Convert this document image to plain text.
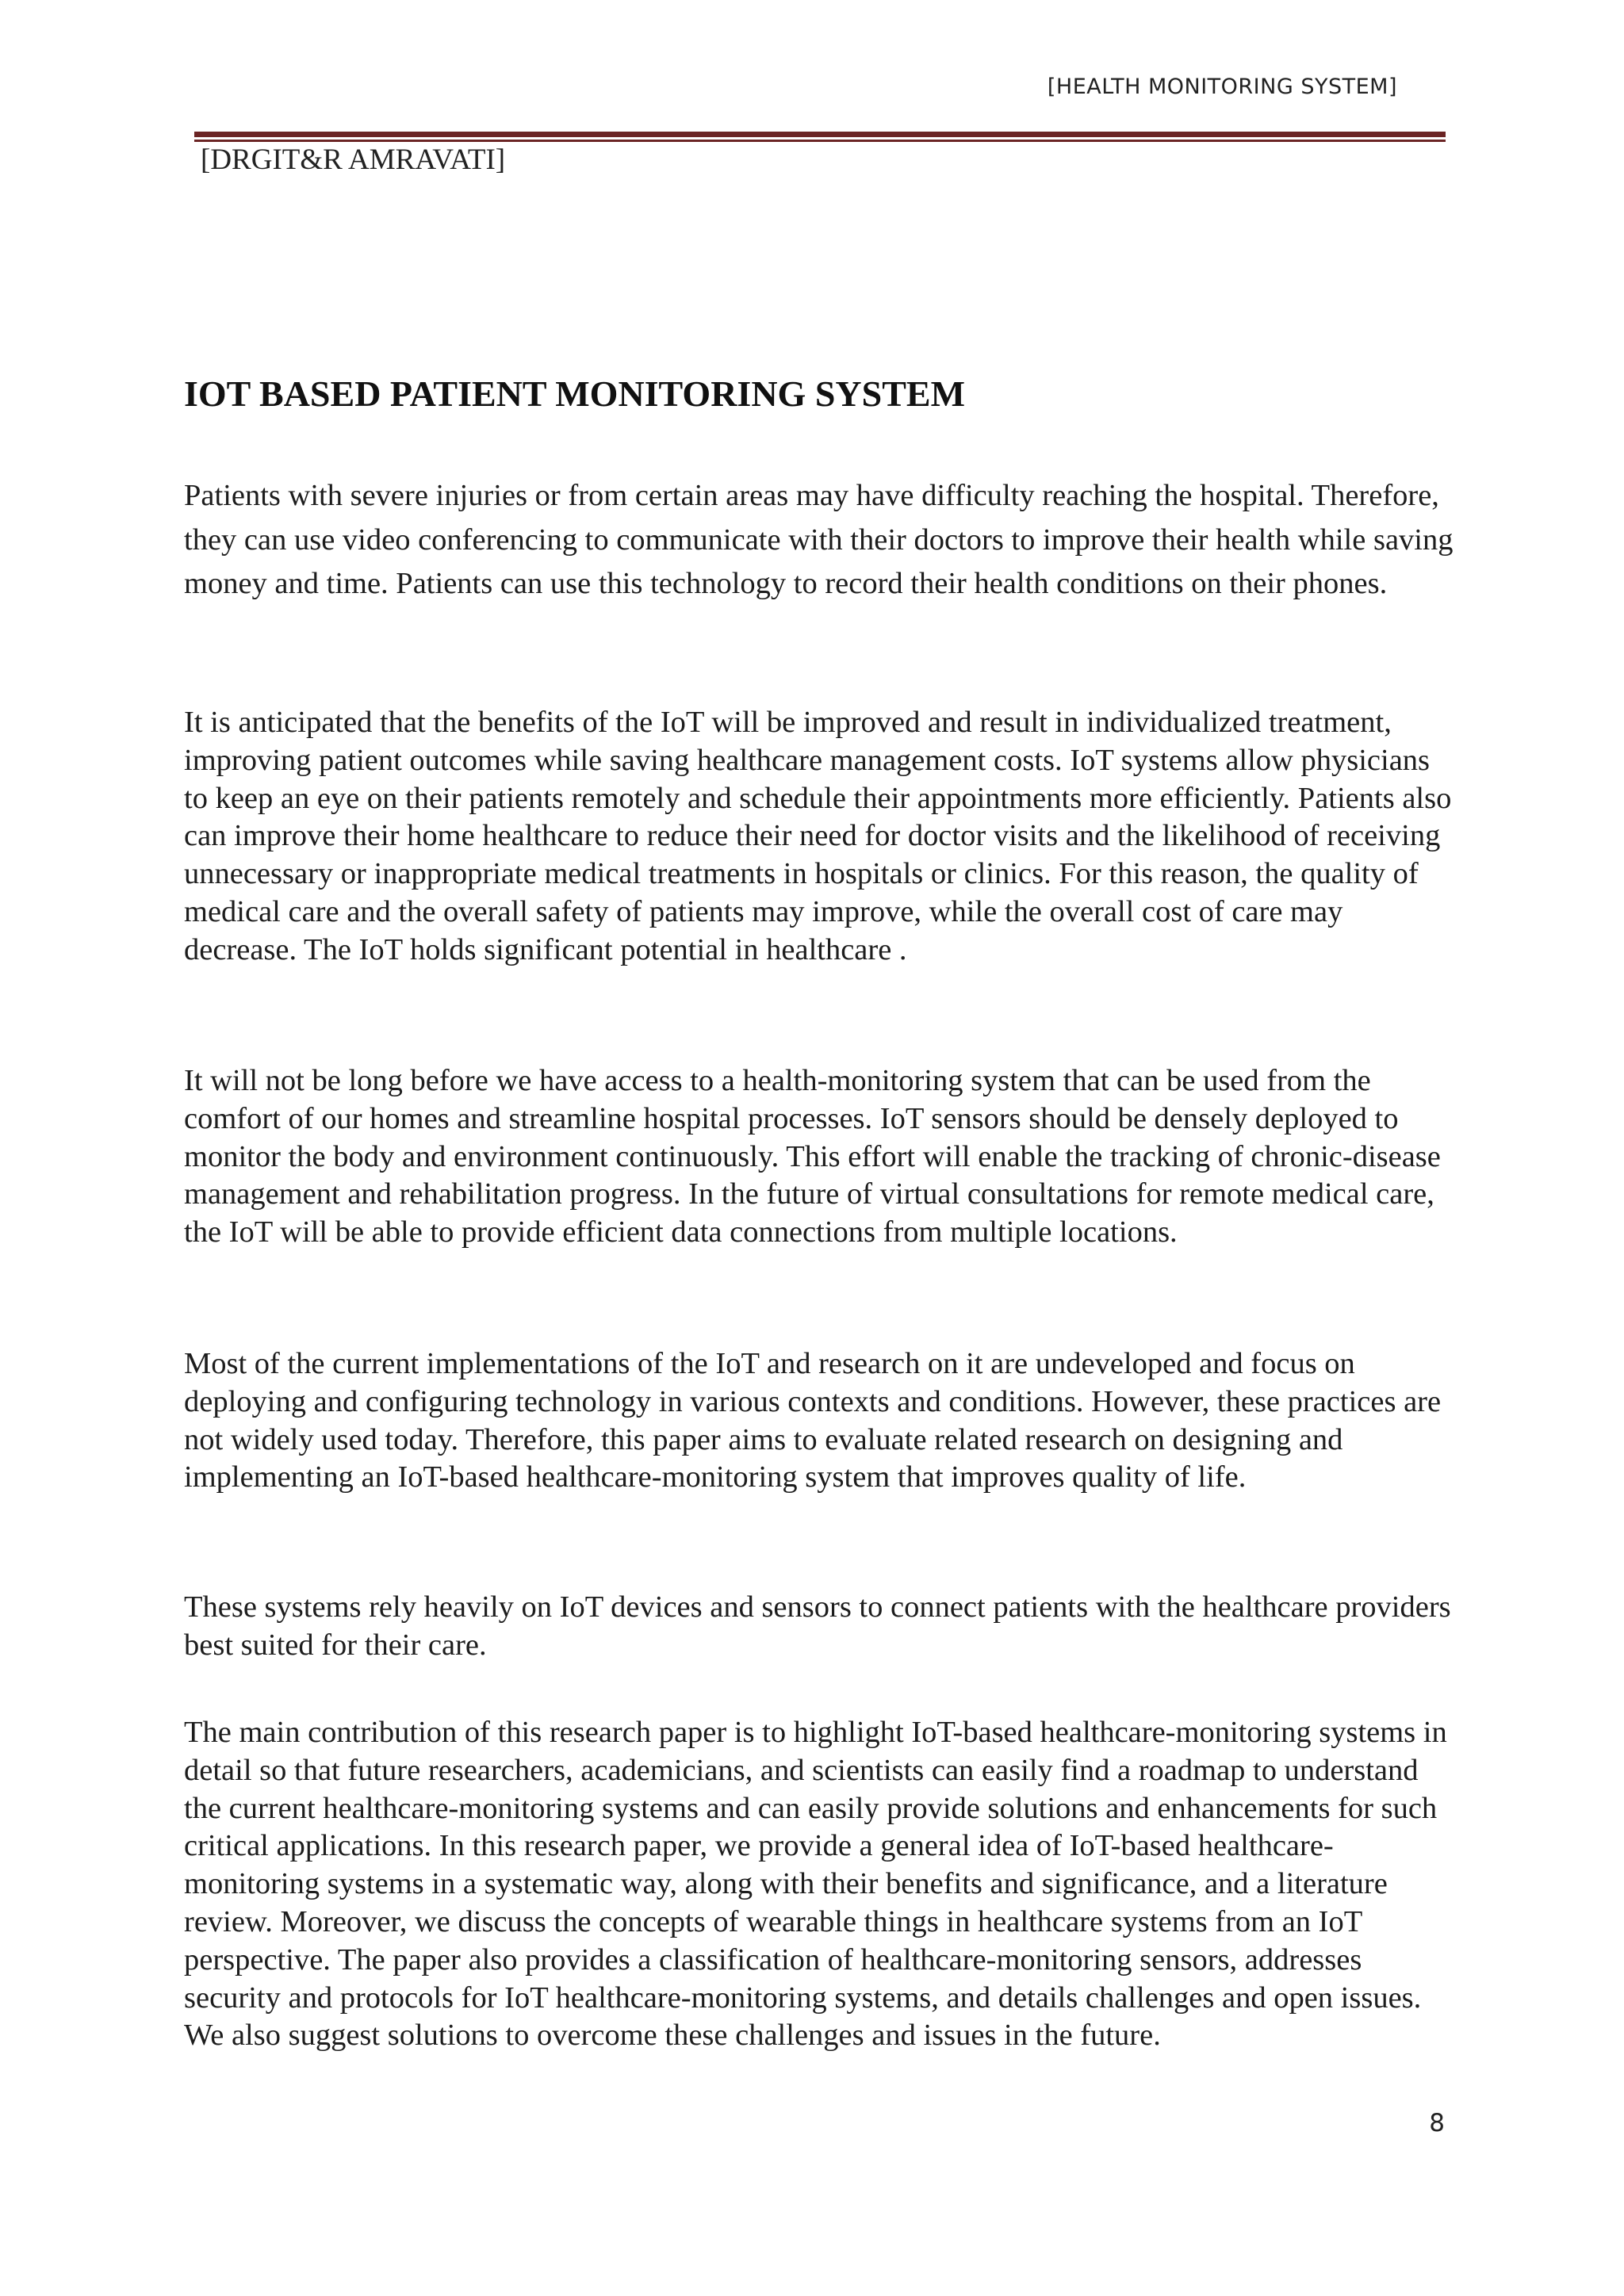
[HEALTH MONITORING SYSTEM]
[DRGIT&R AMRAVATI]
IOT BASED PATIENT MONITORING SYSTEM

Patients with severe injuries or from certain areas may have difficulty reaching the hospital. Therefore, they can use video conferencing to communicate with their doctors to improve their health while saving money and time. Patients can use this technology to record their health conditions on their phones.

It is anticipated that the benefits of the IoT will be improved and result in individualized treatment, improving patient outcomes while saving healthcare management costs. IoT systems allow physicians to keep an eye on their patients remotely and schedule their appointments more efficiently. Patients also can improve their home healthcare to reduce their need for doctor visits and the likelihood of receiving unnecessary or inappropriate medical treatments in hospitals or clinics. For this reason, the quality of medical care and the overall safety of patients may improve, while the overall cost of care may decrease. The IoT holds significant potential in healthcare .

It will not be long before we have access to a health-monitoring system that can be used from the comfort of our homes and streamline hospital processes. IoT sensors should be densely deployed to monitor the body and environment continuously. This effort will enable the tracking of chronic-disease management and rehabilitation progress. In the future of virtual consultations for remote medical care, the IoT will be able to provide efficient data connections from multiple locations.

Most of the current implementations of the IoT and research on it are undeveloped and focus on deploying and configuring technology in various contexts and conditions. However, these practices are not widely used today. Therefore, this paper aims to evaluate related research on designing and implementing an IoT-based healthcare-monitoring system that improves quality of life.

These systems rely heavily on IoT devices and sensors to connect patients with the healthcare providers best suited for their care.

The main contribution of this research paper is to highlight IoT-based healthcare-monitoring systems in detail so that future researchers, academicians, and scientists can easily find a roadmap to understand the current healthcare-monitoring systems and can easily provide solutions and enhancements for such critical applications. In this research paper, we provide a general idea of IoT-based healthcare-monitoring systems in a systematic way, along with their benefits and significance, and a literature review. Moreover, we discuss the concepts of wearable things in healthcare systems from an IoT perspective. The paper also provides a classification of healthcare-monitoring sensors, addresses security and protocols for IoT healthcare-monitoring systems, and details challenges and open issues. We also suggest solutions to overcome these challenges and issues in the future.

8
